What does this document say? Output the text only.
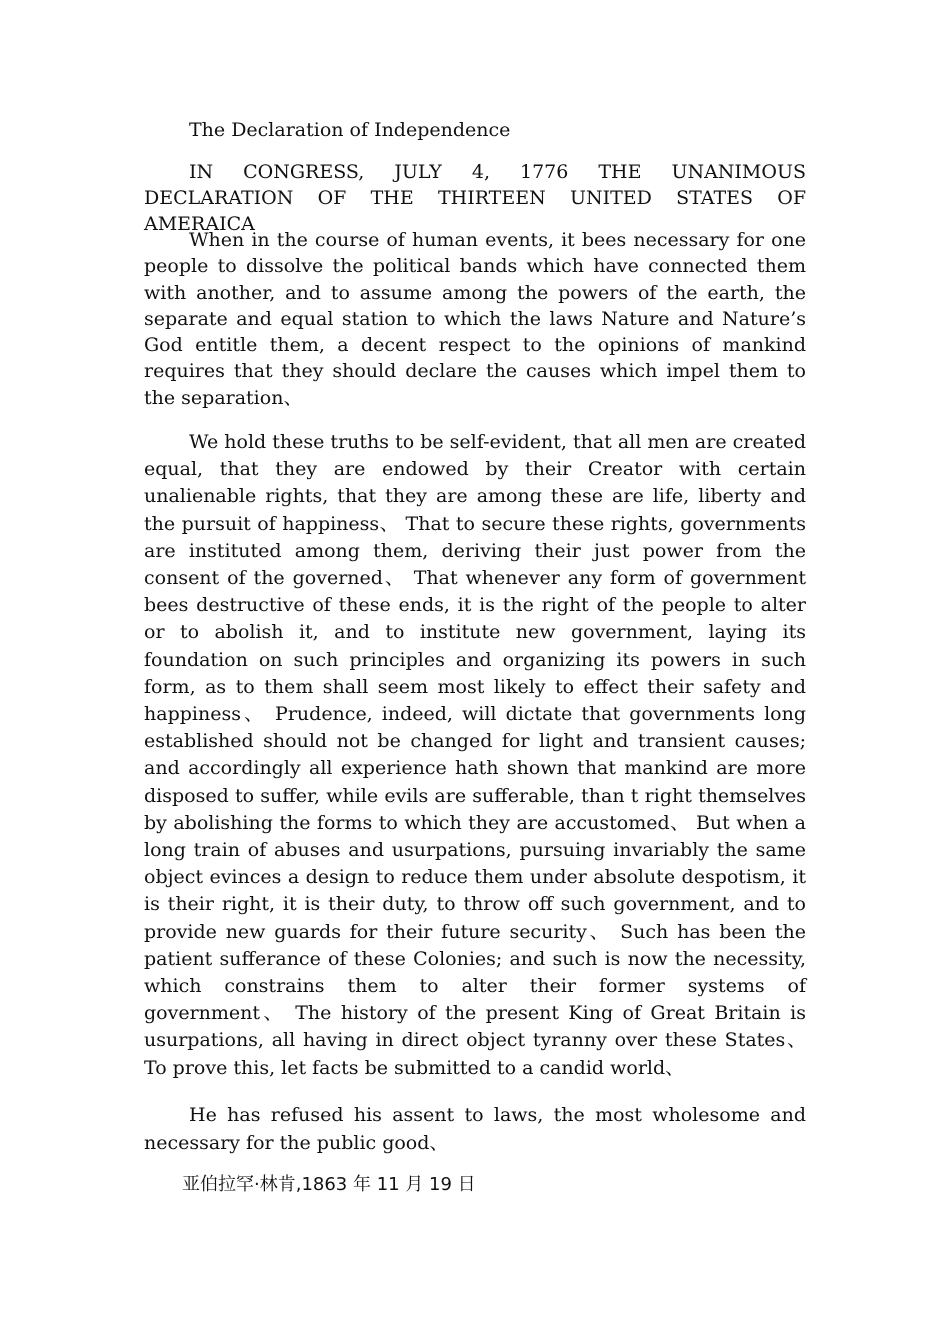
The Declaration of Independence

IN CONGRESS, JULY 4, 1776 THE UNANIMOUS DECLARATION OF THE THIRTEEN UNITED STATES OF AMERAICA

When in the course of human events, it bees necessary for one people to dissolve the political bands which have connected them with another, and to assume among the powers of the earth, the separate and equal station to which the laws Nature and Nature’s God entitle them, a decent respect to the opinions of mankind requires that they should declare the causes which impel them to the separation、

We hold these truths to be self-evident, that all men are created equal, that they are endowed by their Creator with certain unalienable rights, that they are among these are life, liberty and the pursuit of happiness、 That to secure these rights, governments are instituted among them, deriving their just power from the consent of the governed、 That whenever any form of government bees destructive of these ends, it is the right of the people to alter or to abolish it, and to institute new government, laying its foundation on such principles and organizing its powers in such form, as to them shall seem most likely to effect their safety and happiness、 Prudence, indeed, will dictate that governments long established should not be changed for light and transient causes; and accordingly all experience hath shown that mankind are more disposed to suffer, while evils are sufferable, than t right themselves by abolishing the forms to which they are accustomed、 But when a long train of abuses and usurpations, pursuing invariably the same object evinces a design to reduce them under absolute despotism, it is their right, it is their duty, to throw off such government, and to provide new guards for their future security、 Such has been the patient sufferance of these Colonies; and such is now the necessity, which constrains them to alter their former systems of government、 The history of the present King of Great Britain is usurpations, all having in direct object tyranny over these States、 To prove this, let facts be submitted to a candid world、

He has refused his assent to laws, the most wholesome and necessary for the public good、

亚伯拉罕·林肯,1863 年 11 月 19 日
